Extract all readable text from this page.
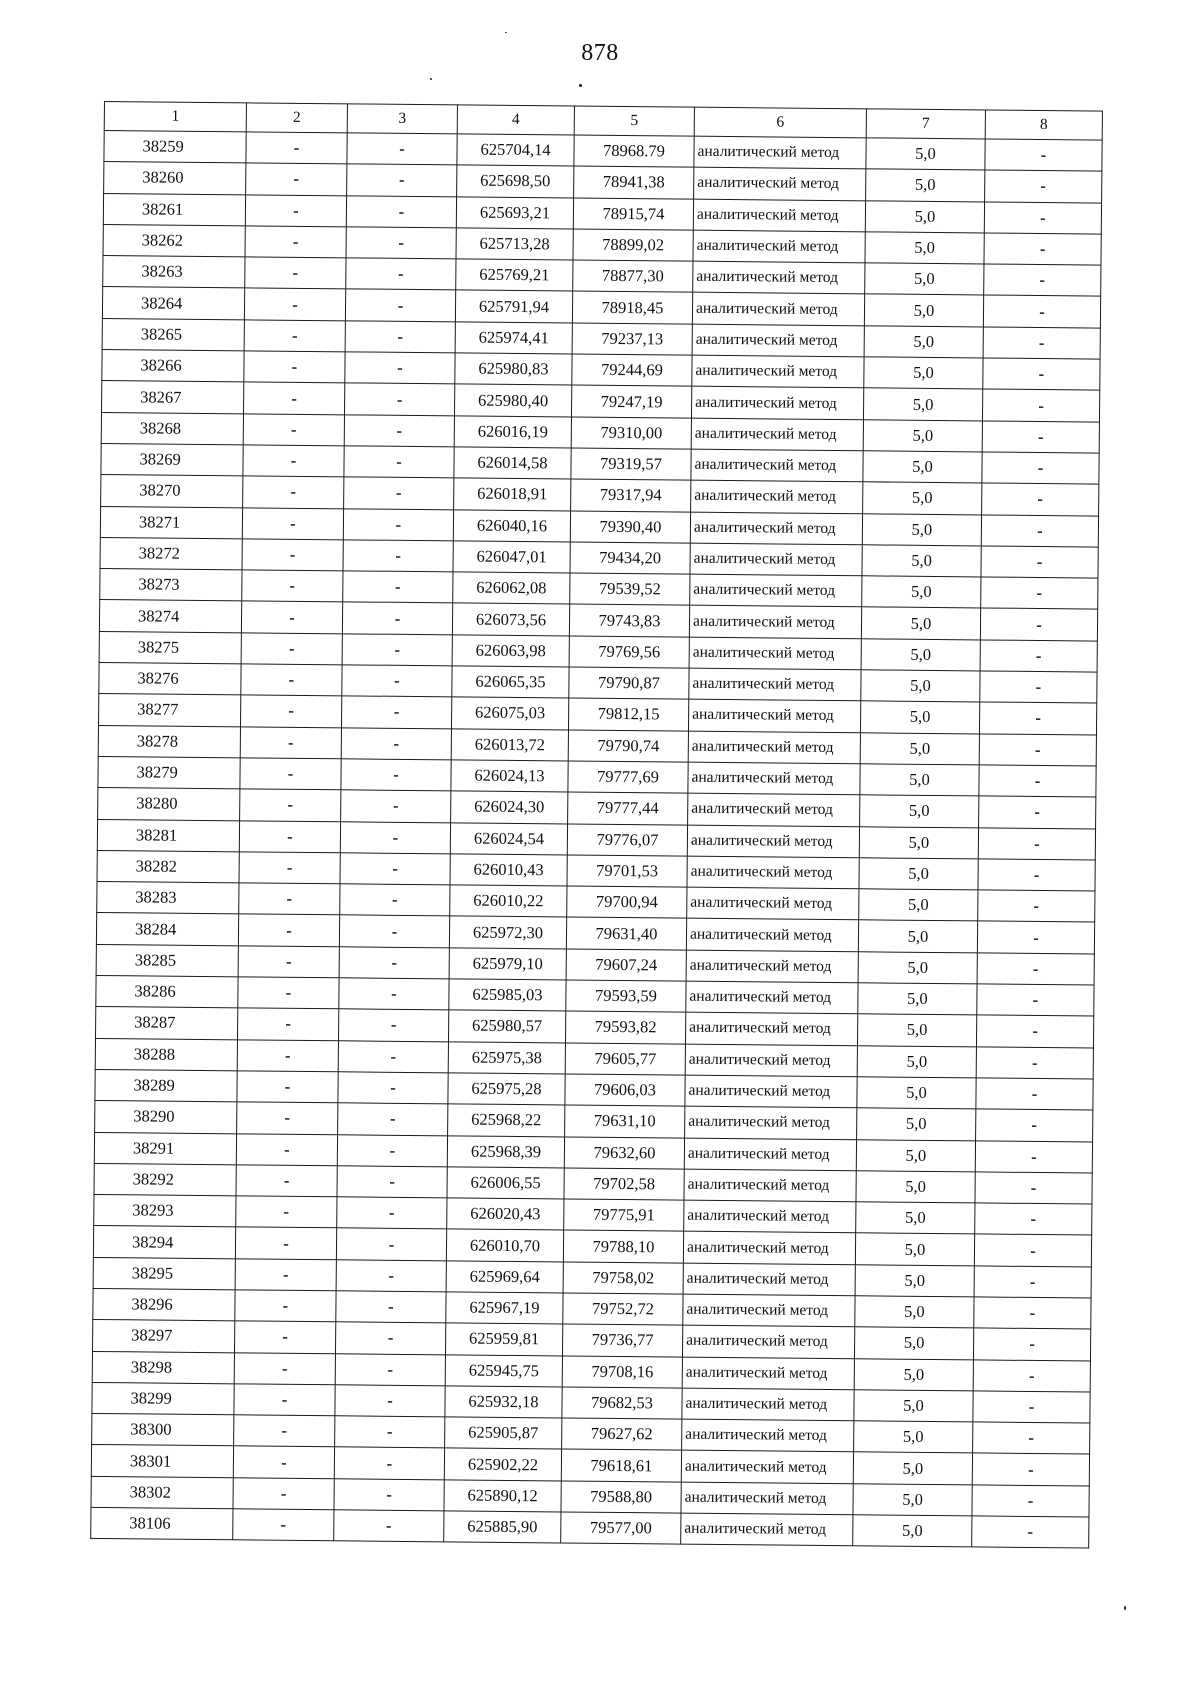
878
1	2	3	4	5	6	7	8
38259	-	-	625704,14	78968.79	аналитический метод	5,0	-
38260	-	-	625698,50	78941,38	аналитический метод	5,0	-
38261	-	-	625693,21	78915,74	аналитический метод	5,0	-
38262	-	-	625713,28	78899,02	аналитический метод	5,0	-
38263	-	-	625769,21	78877,30	аналитический метод	5,0	-
38264	-	-	625791,94	78918,45	аналитический метод	5,0	-
38265	-	-	625974,41	79237,13	аналитический метод	5,0	-
38266	-	-	625980,83	79244,69	аналитический метод	5,0	-
38267	-	-	625980,40	79247,19	аналитический метод	5,0	-
38268	-	-	626016,19	79310,00	аналитический метод	5,0	-
38269	-	-	626014,58	79319,57	аналитический метод	5,0	-
38270	-	-	626018,91	79317,94	аналитический метод	5,0	-
38271	-	-	626040,16	79390,40	аналитический метод	5,0	-
38272	-	-	626047,01	79434,20	аналитический метод	5,0	-
38273	-	-	626062,08	79539,52	аналитический метод	5,0	-
38274	-	-	626073,56	79743,83	аналитический метод	5,0	-
38275	-	-	626063,98	79769,56	аналитический метод	5,0	-
38276	-	-	626065,35	79790,87	аналитический метод	5,0	-
38277	-	-	626075,03	79812,15	аналитический метод	5,0	-
38278	-	-	626013,72	79790,74	аналитический метод	5,0	-
38279	-	-	626024,13	79777,69	аналитический метод	5,0	-
38280	-	-	626024,30	79777,44	аналитический метод	5,0	-
38281	-	-	626024,54	79776,07	аналитический метод	5,0	-
38282	-	-	626010,43	79701,53	аналитический метод	5,0	-
38283	-	-	626010,22	79700,94	аналитический метод	5,0	-
38284	-	-	625972,30	79631,40	аналитический метод	5,0	-
38285	-	-	625979,10	79607,24	аналитический метод	5,0	-
38286	-	-	625985,03	79593,59	аналитический метод	5,0	-
38287	-	-	625980,57	79593,82	аналитический метод	5,0	-
38288	-	-	625975,38	79605,77	аналитический метод	5,0	-
38289	-	-	625975,28	79606,03	аналитический метод	5,0	-
38290	-	-	625968,22	79631,10	аналитический метод	5,0	-
38291	-	-	625968,39	79632,60	аналитический метод	5,0	-
38292	-	-	626006,55	79702,58	аналитический метод	5,0	-
38293	-	-	626020,43	79775,91	аналитический метод	5,0	-
38294	-	-	626010,70	79788,10	аналитический метод	5,0	-
38295	-	-	625969,64	79758,02	аналитический метод	5,0	-
38296	-	-	625967,19	79752,72	аналитический метод	5,0	-
38297	-	-	625959,81	79736,77	аналитический метод	5,0	-
38298	-	-	625945,75	79708,16	аналитический метод	5,0	-
38299	-	-	625932,18	79682,53	аналитический метод	5,0	-
38300	-	-	625905,87	79627,62	аналитический метод	5,0	-
38301	-	-	625902,22	79618,61	аналитический метод	5,0	-
38302	-	-	625890,12	79588,80	аналитический метод	5,0	-
38106	-	-	625885,90	79577,00	аналитический метод	5,0	-
